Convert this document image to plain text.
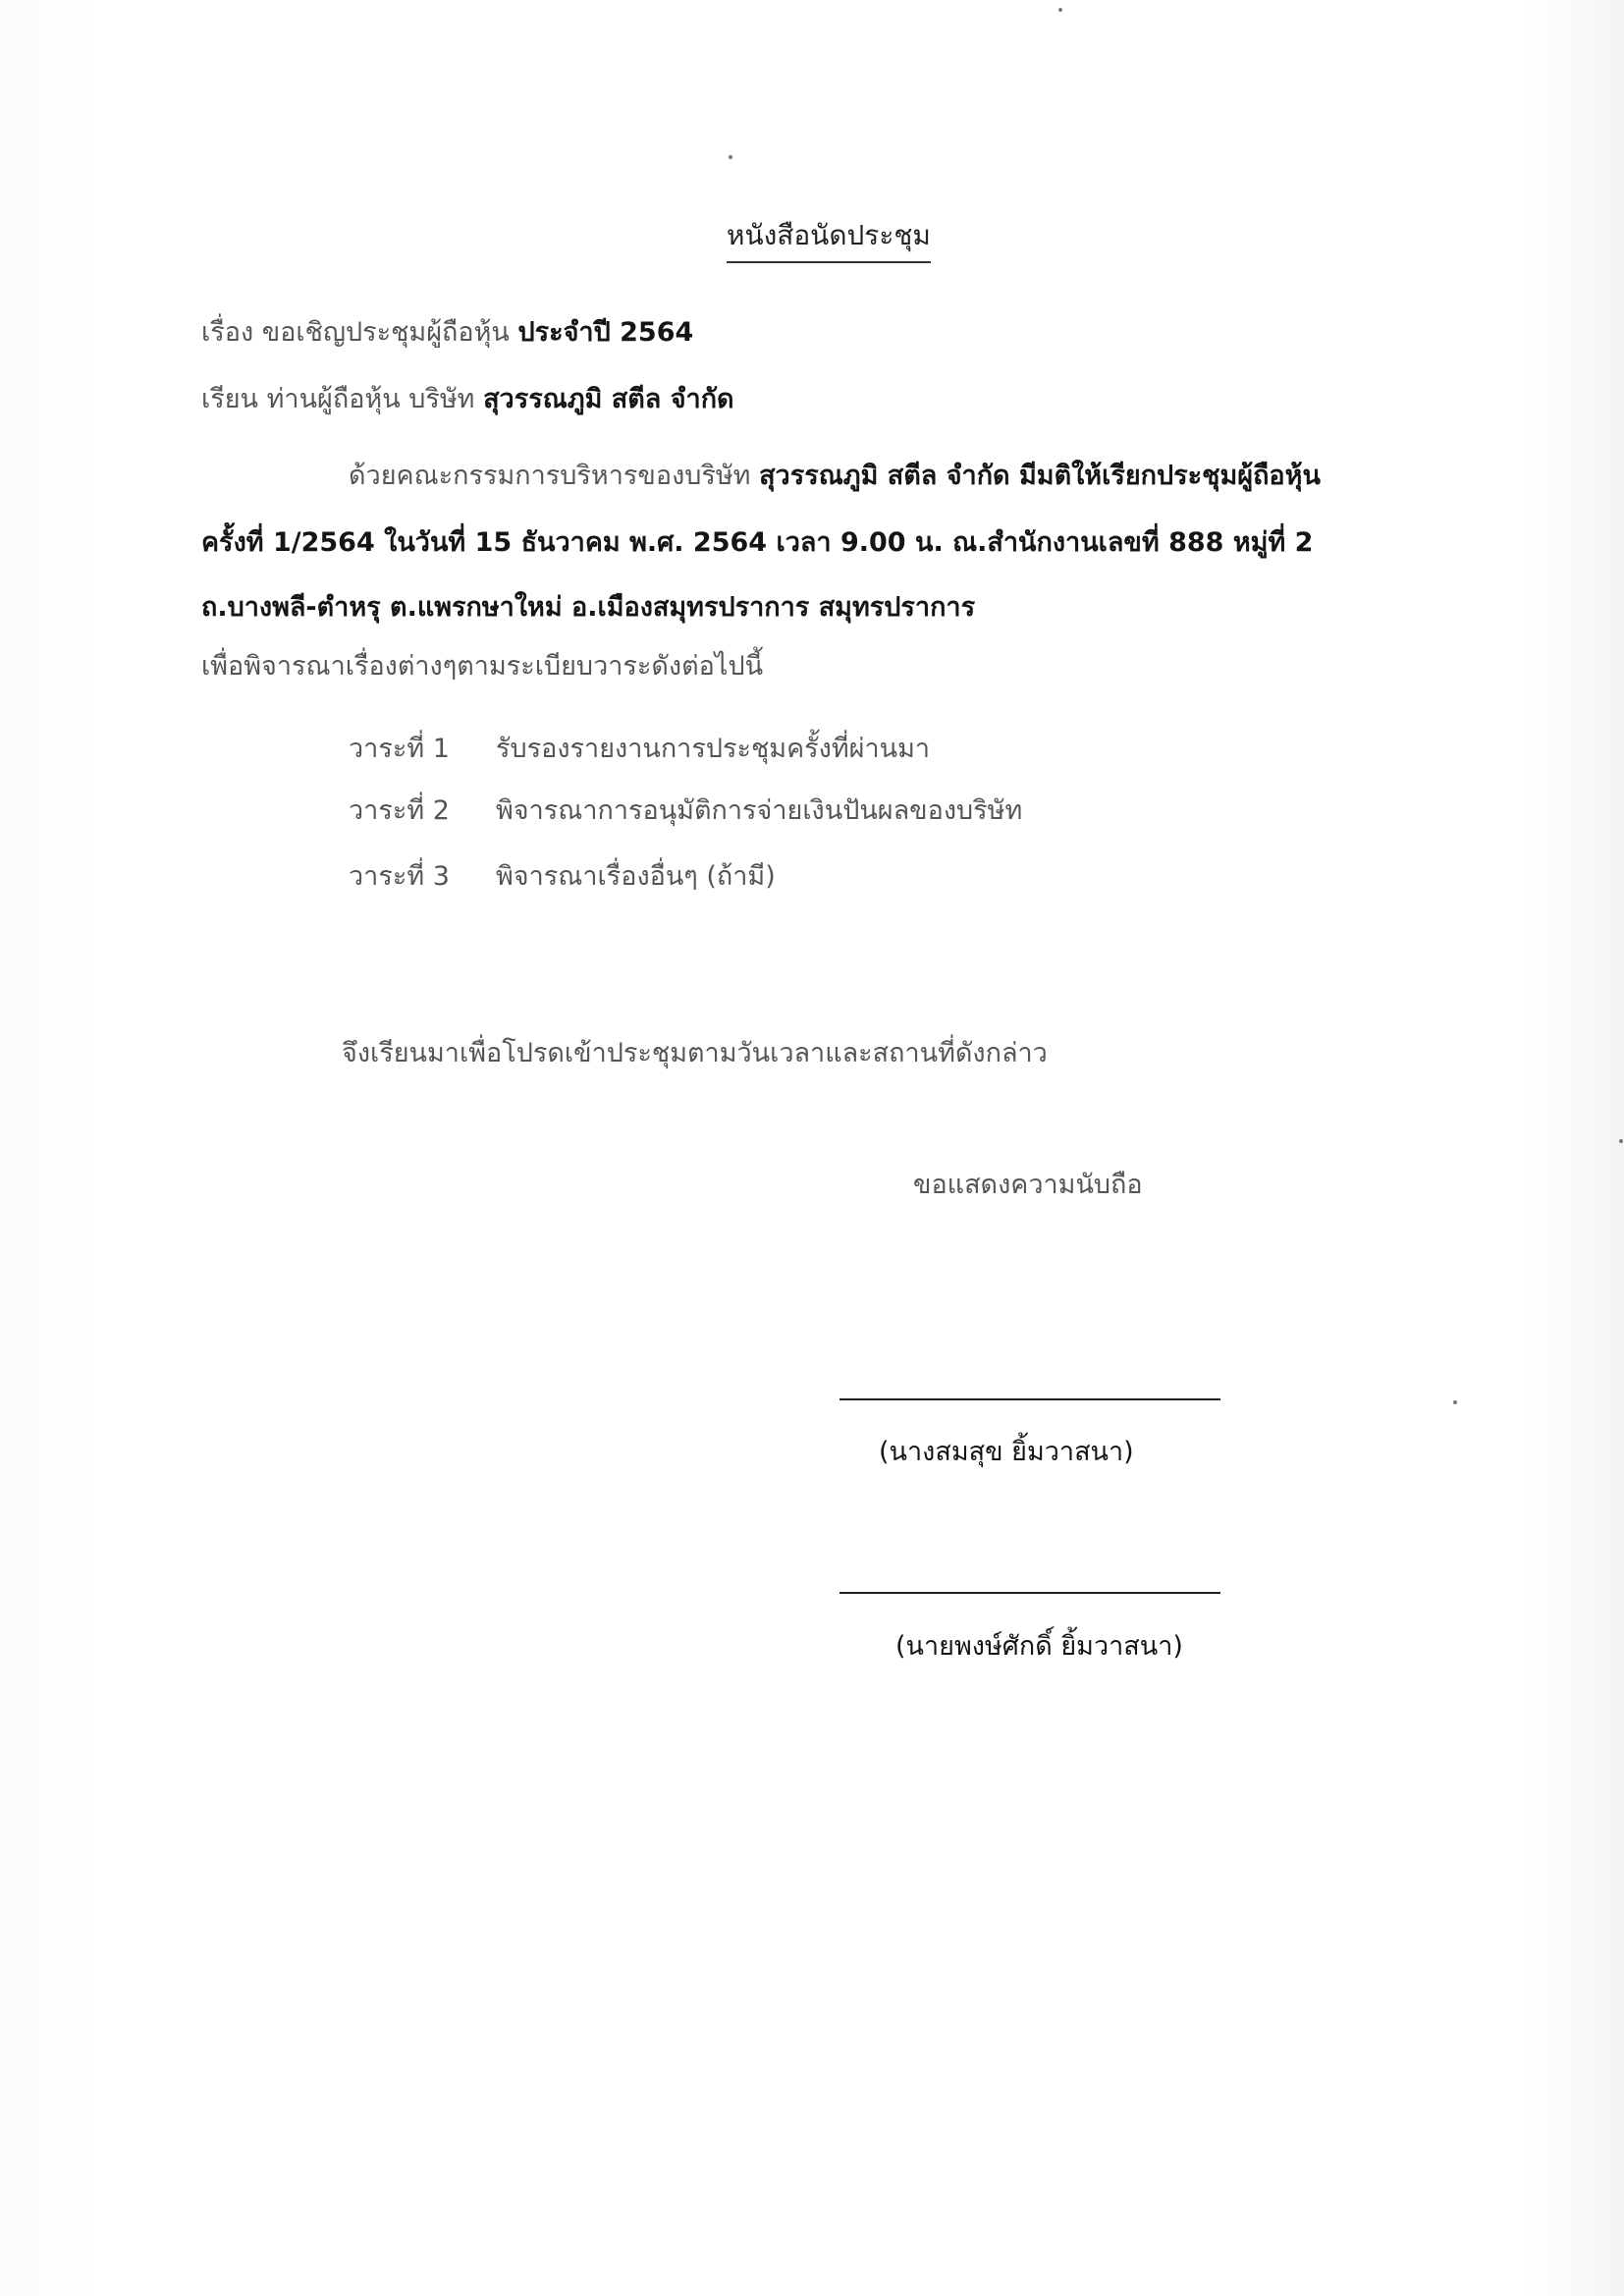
หนังสือนัดประชุม
เรื่อง ขอเชิญประชุมผู้ถือหุ้น ประจำปี 2564
เรียน ท่านผู้ถือหุ้น บริษัท สุวรรณภูมิ สตีล จำกัด
ด้วยคณะกรรมการบริหารของบริษัท สุวรรณภูมิ สตีล จำกัด มีมติให้เรียกประชุมผู้ถือหุ้น
ครั้งที่ 1/2564 ในวันที่ 15 ธันวาคม พ.ศ. 2564 เวลา 9.00 น. ณ.สำนักงานเลขที่ 888 หมู่ที่ 2
ถ.บางพลี-ตำหรุ ต.แพรกษาใหม่ อ.เมืองสมุทรปราการ สมุทรปราการ
เพื่อพิจารณาเรื่องต่างๆตามระเบียบวาระดังต่อไปนี้
วาระที่ 1 รับรองรายงานการประชุมครั้งที่ผ่านมา
วาระที่ 2 พิจารณาการอนุมัติการจ่ายเงินปันผลของบริษัท
วาระที่ 3 พิจารณาเรื่องอื่นๆ (ถ้ามี)
จึงเรียนมาเพื่อโปรดเข้าประชุมตามวันเวลาและสถานที่ดังกล่าว
ขอแสดงความนับถือ
(นางสมสุข ยิ้มวาสนา)
(นายพงษ์ศักดิ์ ยิ้มวาสนา)
